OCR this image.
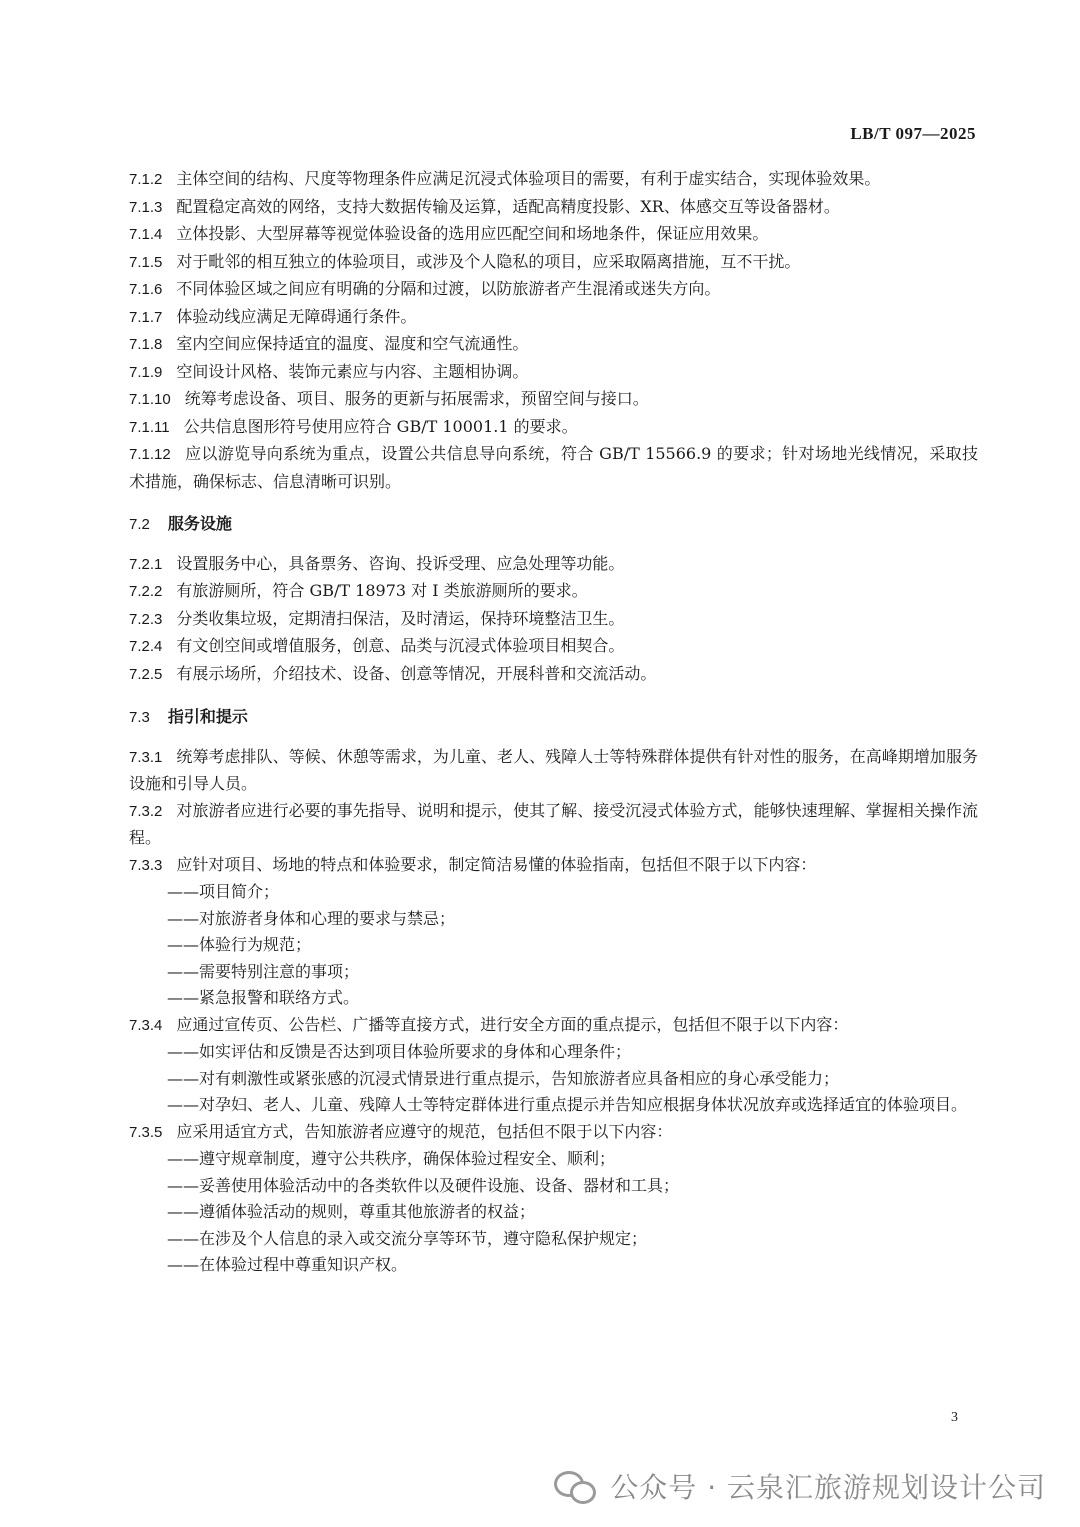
LB/T 097—2025

7.1.2 主体空间的结构、尺度等物理条件应满足沉浸式体验项目的需要，有利于虚实结合，实现体验效果。

7.1.3 配置稳定高效的网络，支持大数据传输及运算，适配高精度投影、XR、体感交互等设备器材。

7.1.4 立体投影、大型屏幕等视觉体验设备的选用应匹配空间和场地条件，保证应用效果。

7.1.5 对于毗邻的相互独立的体验项目，或涉及个人隐私的项目，应采取隔离措施，互不干扰。

7.1.6 不同体验区域之间应有明确的分隔和过渡，以防旅游者产生混淆或迷失方向。

7.1.7 体验动线应满足无障碍通行条件。

7.1.8 室内空间应保持适宜的温度、湿度和空气流通性。

7.1.9 空间设计风格、装饰元素应与内容、主题相协调。

7.1.10 统筹考虑设备、项目、服务的更新与拓展需求，预留空间与接口。

7.1.11 公共信息图形符号使用应符合 GB/T 10001.1 的要求。

7.1.12 应以游览导向系统为重点，设置公共信息导向系统，符合 GB/T 15566.9 的要求；针对场地光线情况，采取技术措施，确保标志、信息清晰可识别。

7.2 服务设施

7.2.1 设置服务中心，具备票务、咨询、投诉受理、应急处理等功能。

7.2.2 有旅游厕所，符合 GB/T 18973 对 Ⅰ 类旅游厕所的要求。

7.2.3 分类收集垃圾，定期清扫保洁，及时清运，保持环境整洁卫生。

7.2.4 有文创空间或增值服务，创意、品类与沉浸式体验项目相契合。

7.2.5 有展示场所，介绍技术、设备、创意等情况，开展科普和交流活动。

7.3 指引和提示

7.3.1 统筹考虑排队、等候、休憩等需求，为儿童、老人、残障人士等特殊群体提供有针对性的服务，在高峰期增加服务设施和引导人员。

7.3.2 对旅游者应进行必要的事先指导、说明和提示，使其了解、接受沉浸式体验方式，能够快速理解、掌握相关操作流程。

7.3.3 应针对项目、场地的特点和体验要求，制定简洁易懂的体验指南，包括但不限于以下内容：

——项目简介；

——对旅游者身体和心理的要求与禁忌；

——体验行为规范；

——需要特别注意的事项；

——紧急报警和联络方式。

7.3.4 应通过宣传页、公告栏、广播等直接方式，进行安全方面的重点提示，包括但不限于以下内容：

——如实评估和反馈是否达到项目体验所要求的身体和心理条件；

——对有刺激性或紧张感的沉浸式情景进行重点提示，告知旅游者应具备相应的身心承受能力；

——对孕妇、老人、儿童、残障人士等特定群体进行重点提示并告知应根据身体状况放弃或选择适宜的体验项目。

7.3.5 应采用适宜方式，告知旅游者应遵守的规范，包括但不限于以下内容：

——遵守规章制度，遵守公共秩序，确保体验过程安全、顺利；

——妥善使用体验活动中的各类软件以及硬件设施、设备、器材和工具；

——遵循体验活动的规则，尊重其他旅游者的权益；

——在涉及个人信息的录入或交流分享等环节，遵守隐私保护规定；

——在体验过程中尊重知识产权。

3
公众号 · 云泉汇旅游规划设计公司
